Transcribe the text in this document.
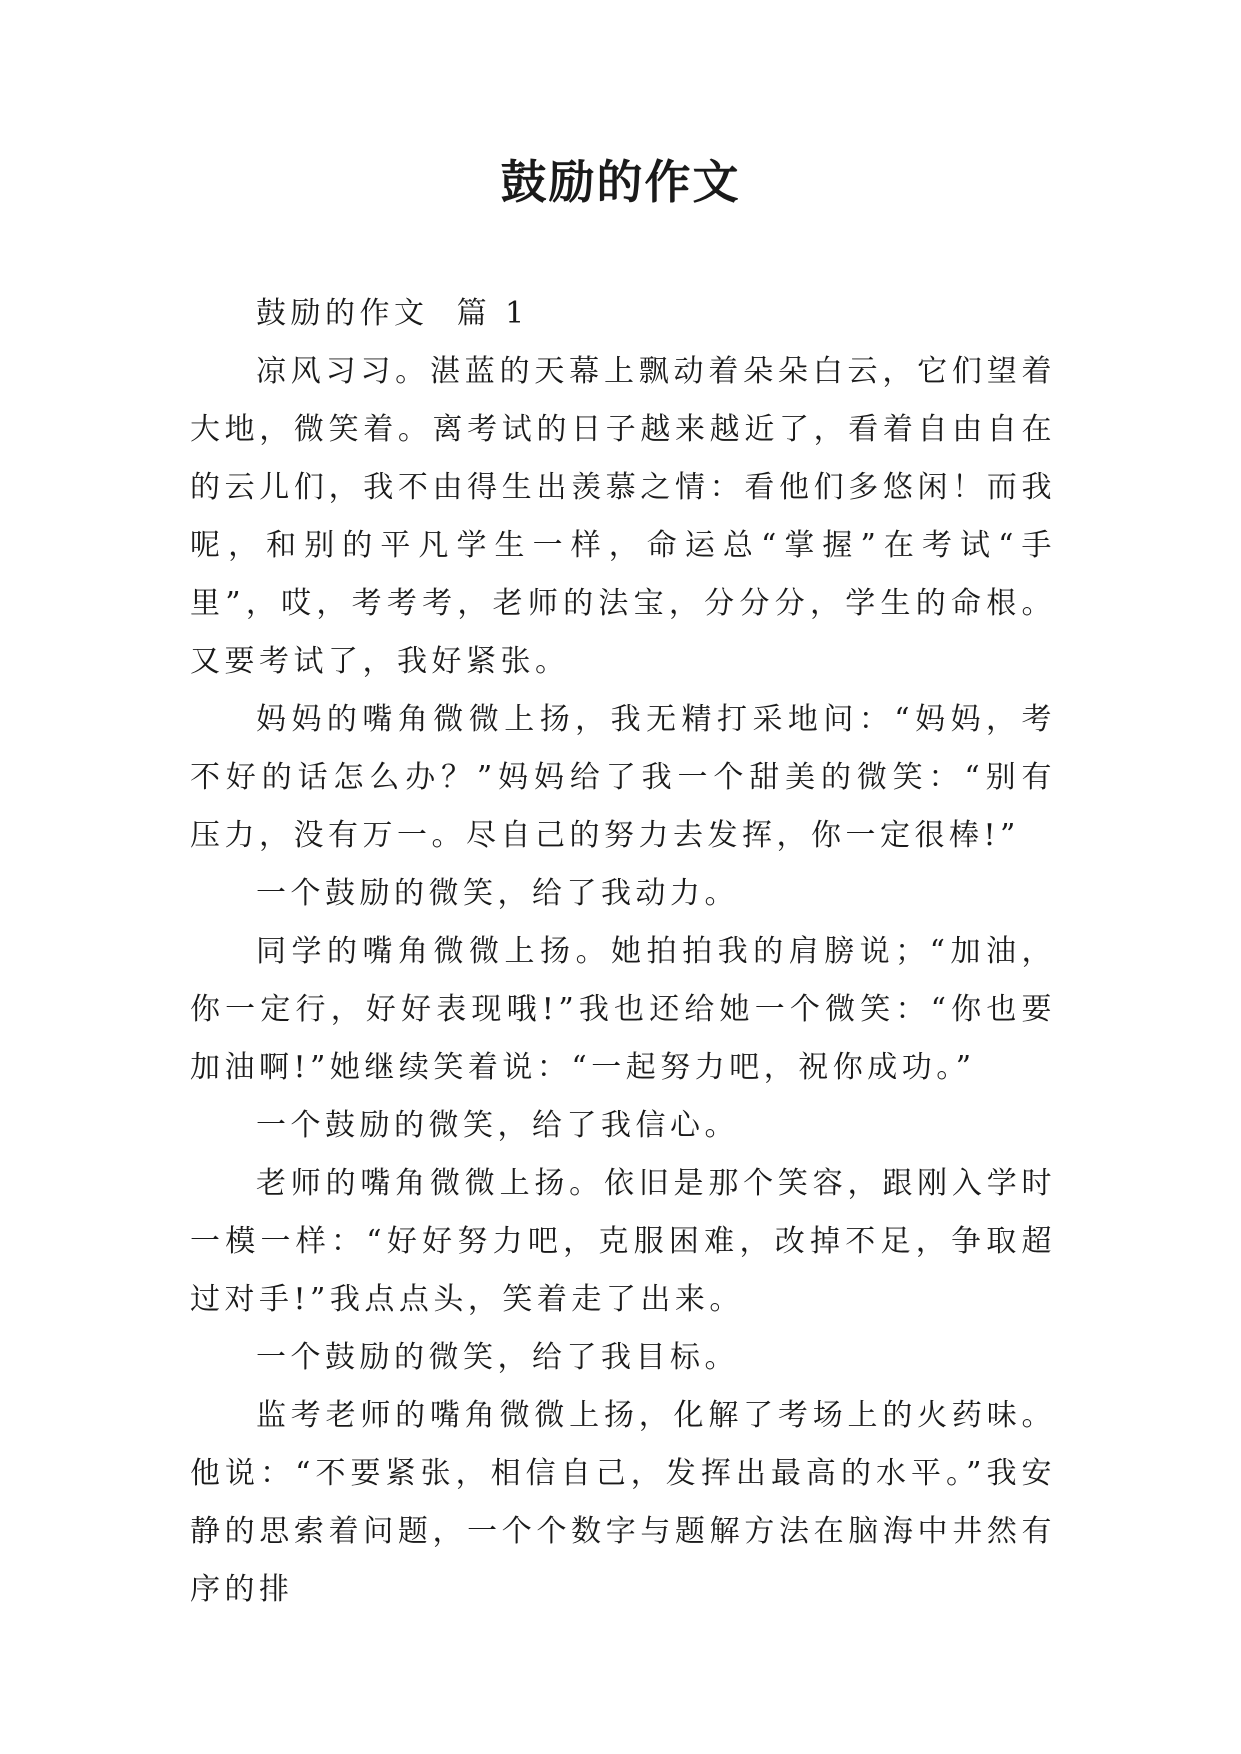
鼓励的作文

鼓励的作文  篇 1

凉风习习。湛蓝的天幕上飘动着朵朵白云，它们望着大地，微笑着。离考试的日子越来越近了，看着自由自在的云儿们，我不由得生出羡慕之情：看他们多悠闲！而我呢，和别的平凡学生一样，命运总“掌握”在考试“手里”，哎，考考考，老师的法宝，分分分，学生的命根。又要考试了，我好紧张。

妈妈的嘴角微微上扬，我无精打采地问：“妈妈，考不好的话怎么办？”妈妈给了我一个甜美的微笑：“别有压力，没有万一。尽自己的努力去发挥，你一定很棒!”

一个鼓励的微笑，给了我动力。

同学的嘴角微微上扬。她拍拍我的肩膀说；“加油，你一定行，好好表现哦!”我也还给她一个微笑：“你也要加油啊!”她继续笑着说：“一起努力吧，祝你成功。”

一个鼓励的微笑，给了我信心。

老师的嘴角微微上扬。依旧是那个笑容，跟刚入学时一模一样：“好好努力吧，克服困难，改掉不足，争取超过对手!”我点点头，笑着走了出来。

一个鼓励的微笑，给了我目标。

监考老师的嘴角微微上扬，化解了考场上的火药味。他说：“不要紧张，相信自己，发挥出最高的水平。”我安静的思索着问题，一个个数字与题解方法在脑海中井然有序的排
